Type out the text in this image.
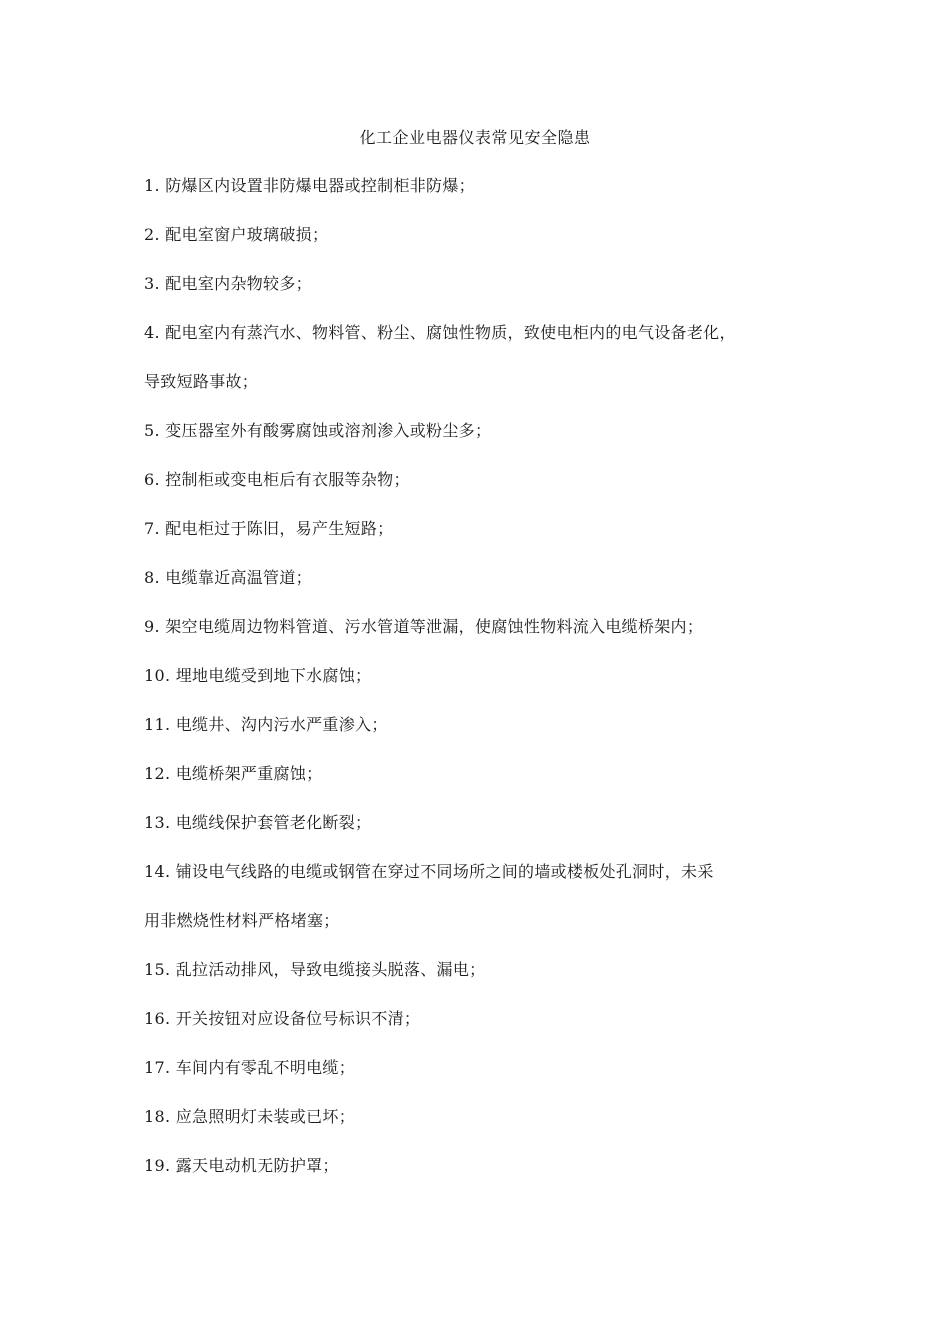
化工企业电器仪表常见安全隐患
1. 防爆区内设置非防爆电器或控制柜非防爆；
2. 配电室窗户玻璃破损；
3. 配电室内杂物较多；
4. 配电室内有蒸汽水、物料管、粉尘、腐蚀性物质，致使电柜内的电气设备老化，
导致短路事故；
5. 变压器室外有酸雾腐蚀或溶剂渗入或粉尘多；
6. 控制柜或变电柜后有衣服等杂物；
7. 配电柜过于陈旧，易产生短路；
8. 电缆靠近高温管道；
9. 架空电缆周边物料管道、污水管道等泄漏，使腐蚀性物料流入电缆桥架内；
10. 埋地电缆受到地下水腐蚀；
11. 电缆井、沟内污水严重渗入；
12. 电缆桥架严重腐蚀；
13. 电缆线保护套管老化断裂；
14. 铺设电气线路的电缆或钢管在穿过不同场所之间的墙或楼板处孔洞时，未采
用非燃烧性材料严格堵塞；
15. 乱拉活动排风，导致电缆接头脱落、漏电；
16. 开关按钮对应设备位号标识不清；
17. 车间内有零乱不明电缆；
18. 应急照明灯未装或已坏；
19. 露天电动机无防护罩；
